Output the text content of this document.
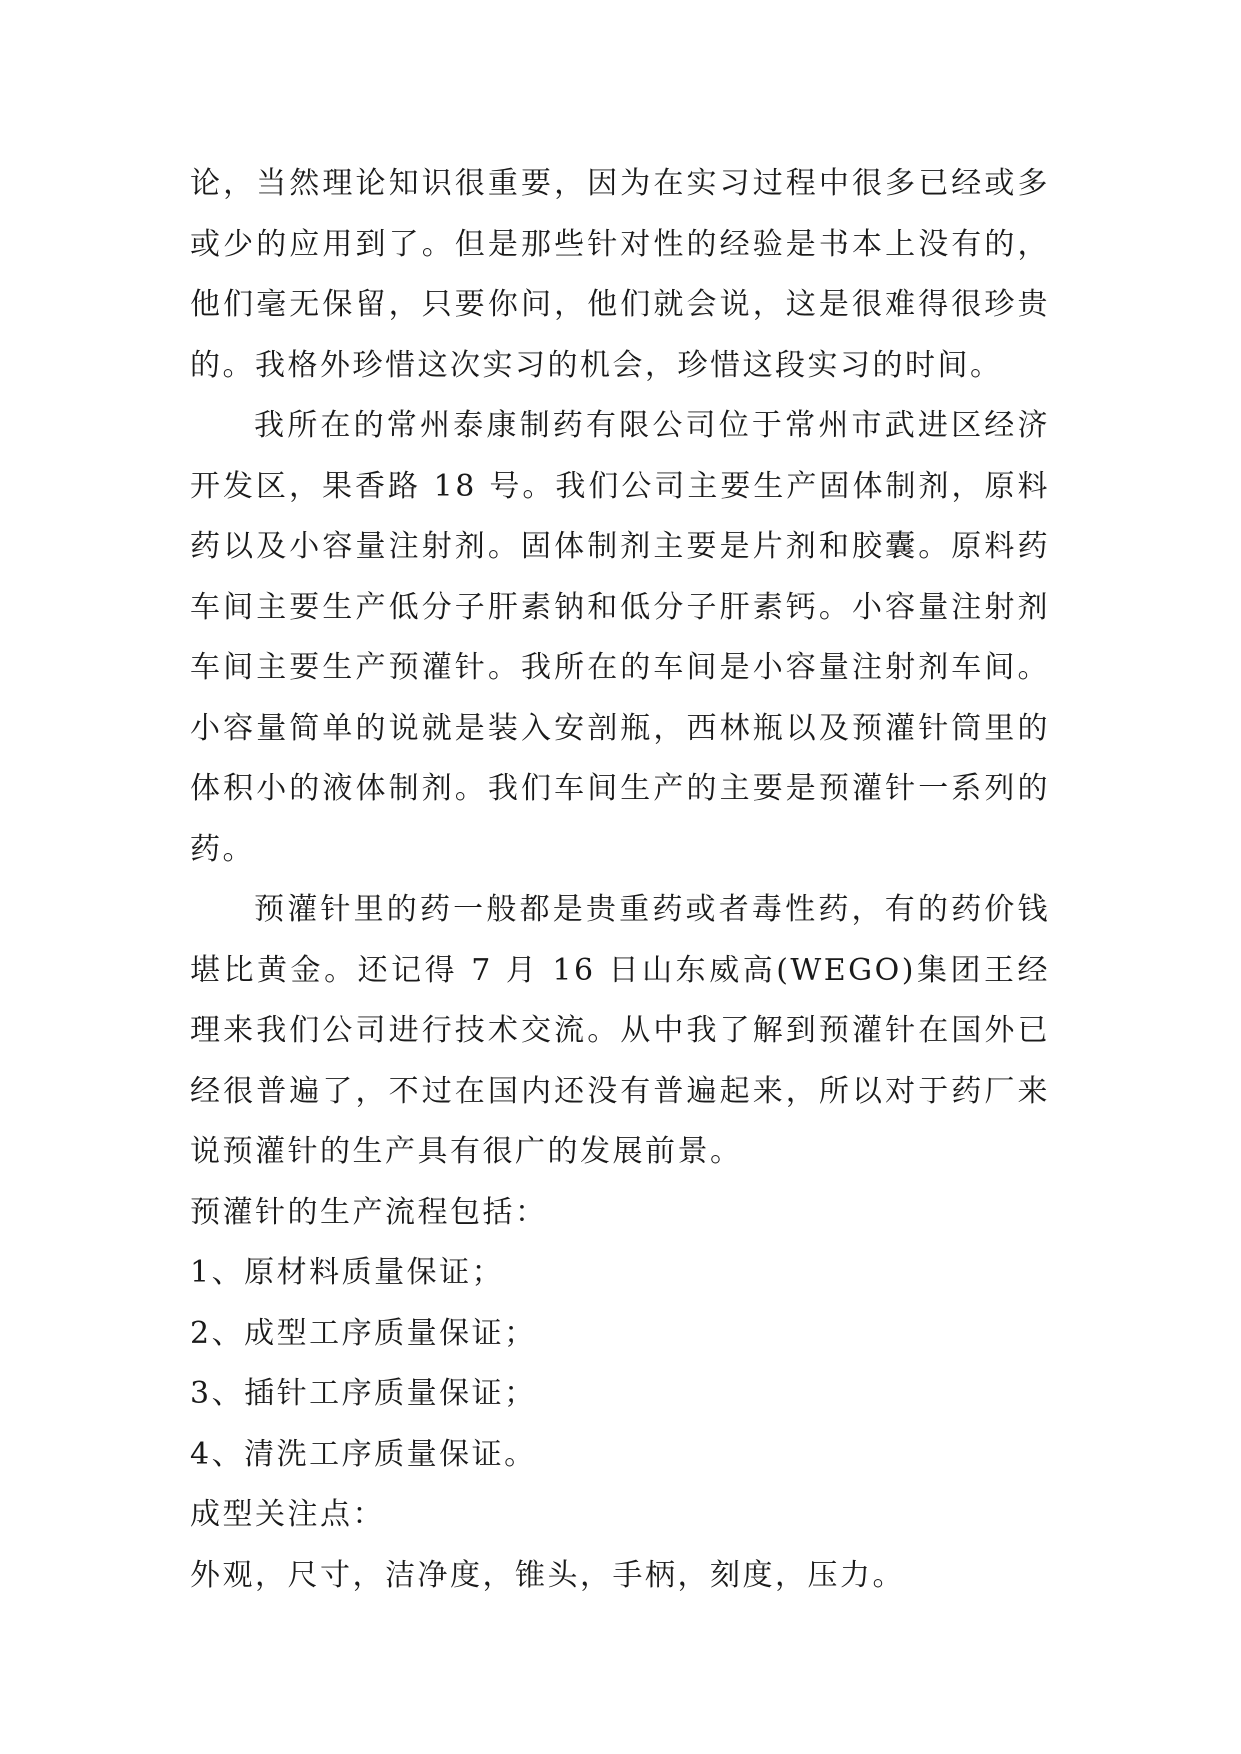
论，当然理论知识很重要，因为在实习过程中很多已经或多或少的应用到了。但是那些针对性的经验是书本上没有的，他们毫无保留，只要你问，他们就会说，这是很难得很珍贵的。我格外珍惜这次实习的机会，珍惜这段实习的时间。

我所在的常州泰康制药有限公司位于常州市武进区经济开发区，果香路 18 号。我们公司主要生产固体制剂，原料药以及小容量注射剂。固体制剂主要是片剂和胶囊。原料药车间主要生产低分子肝素钠和低分子肝素钙。小容量注射剂车间主要生产预灌针。我所在的车间是小容量注射剂车间。小容量简单的说就是装入安剖瓶，西林瓶以及预灌针筒里的体积小的液体制剂。我们车间生产的主要是预灌针一系列的药。

预灌针里的药一般都是贵重药或者毒性药，有的药价钱堪比黄金。还记得 7 月 16 日山东威高(WEGO)集团王经理来我们公司进行技术交流。从中我了解到预灌针在国外已经很普遍了，不过在国内还没有普遍起来，所以对于药厂来说预灌针的生产具有很广的发展前景。

预灌针的生产流程包括：

1、原材料质量保证；

2、成型工序质量保证；

3、插针工序质量保证；

4、清洗工序质量保证。

成型关注点：

外观，尺寸，洁净度，锥头，手柄，刻度，压力。
